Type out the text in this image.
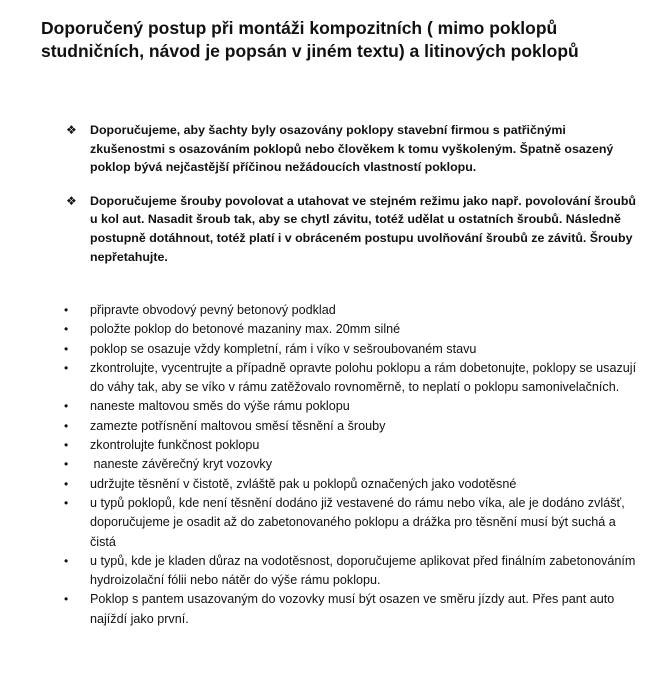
Doporučený postup při montáži kompozitních ( mimo poklopů studničních, návod je popsán v jiném textu) a litinových poklopů
❖ Doporučujeme, aby šachty byly osazovány poklopy stavební firmou s patřičnými zkušenostmi s osazováním poklopů nebo člověkem k tomu vyškoleným. Špatně osazený poklop bývá nejčastější příčinou nežádoucích vlastností poklopu.
❖ Doporučujeme šrouby povolovat a utahovat ve stejném režimu jako např. povolování šroubů u kol aut. Nasadit šroub tak, aby se chytl závitu, totéž udělat u ostatních šroubů. Následně postupně dotáhnout, totéž platí i v obráceném postupu uvolňování šroubů ze závitů. Šrouby nepřetahujte.
• připravte obvodový pevný betonový podklad
• položte poklop do betonové mazaniny max. 20mm silné
• poklop se osazuje vždy kompletní, rám i víko v sešroubovaném stavu
• zkontrolujte, vycentrujte a případně opravte polohu poklopu a rám dobetonujte, poklopy se usazují do váhy tak, aby se víko v rámu zatěžovalo rovnoměrně, to neplatí o poklopu samonivelačních.
• naneste maltovou směs do výše rámu poklopu
• zamezte potřísnění maltovou směsí těsnění a šrouby
• zkontrolujte funkčnost poklopu
• naneste závěrečný kryt vozovky
• udržujte těsnění v čistotě, zvláště pak u poklopů označených jako vodotěsné
• u typů poklopů, kde není těsnění dodáno již vestavené do rámu nebo víka, ale je dodáno zvlášť, doporučujeme je osadit až do zabetonovaného poklopu a drážka pro těsnění musí být suchá a čistá
• u typů, kde je kladen důraz na vodotěsnost, doporučujeme aplikovat před finálním zabetonováním hydroizolační fólii nebo nátěr do výše rámu poklopu.
• Poklop s pantem usazovaným do vozovky musí být osazen ve směru jízdy aut. Přes pant auto  najíždí jako první.
